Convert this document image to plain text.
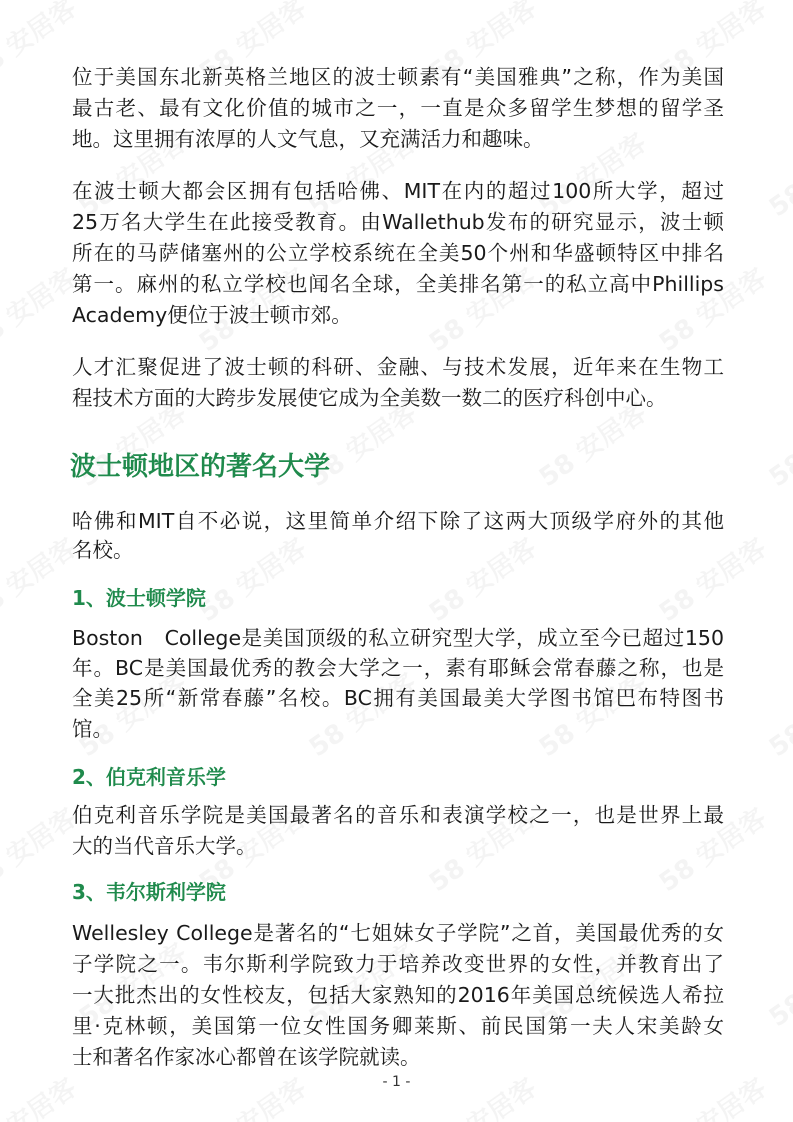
位于美国东北新英格兰地区的波士顿素有“美国雅典”之称，作为美国
最古老、最有文化价值的城市之一，一直是众多留学生梦想的留学圣
地。这里拥有浓厚的人文气息，又充满活力和趣味。
在波士顿大都会区拥有包括哈佛、MIT在内的超过100所大学，超过
25万名大学生在此接受教育。由Wallethub发布的研究显示，波士顿
所在的马萨储塞州的公立学校系统在全美50个州和华盛顿特区中排名
第一。麻州的私立学校也闻名全球，全美排名第一的私立高中Phillips
Academy便位于波士顿市郊。
人才汇聚促进了波士顿的科研、金融、与技术发展，近年来在生物工
程技术方面的大跨步发展使它成为全美数一数二的医疗科创中心。
波士顿地区的著名大学
哈佛和MIT自不必说，这里简单介绍下除了这两大顶级学府外的其他
名校。
1、波士顿学院
Boston　College是美国顶级的私立研究型大学，成立至今已超过150
年。BC是美国最优秀的教会大学之一，素有耶稣会常春藤之称，也是
全美25所“新常春藤”名校。BC拥有美国最美大学图书馆巴布特图书
馆。
2、伯克利音乐学
伯克利音乐学院是美国最著名的音乐和表演学校之一，也是世界上最
大的当代音乐大学。
3、韦尔斯利学院
Wellesley College是著名的“七姐妹女子学院”之首，美国最优秀的女
子学院之一。韦尔斯利学院致力于培养改变世界的女性，并教育出了
一大批杰出的女性校友，包括大家熟知的2016年美国总统候选人希拉
里·克林顿，美国第一位女性国务卿莱斯、前民国第一夫人宋美龄女
士和著名作家冰心都曾在该学院就读。
- 1 -
